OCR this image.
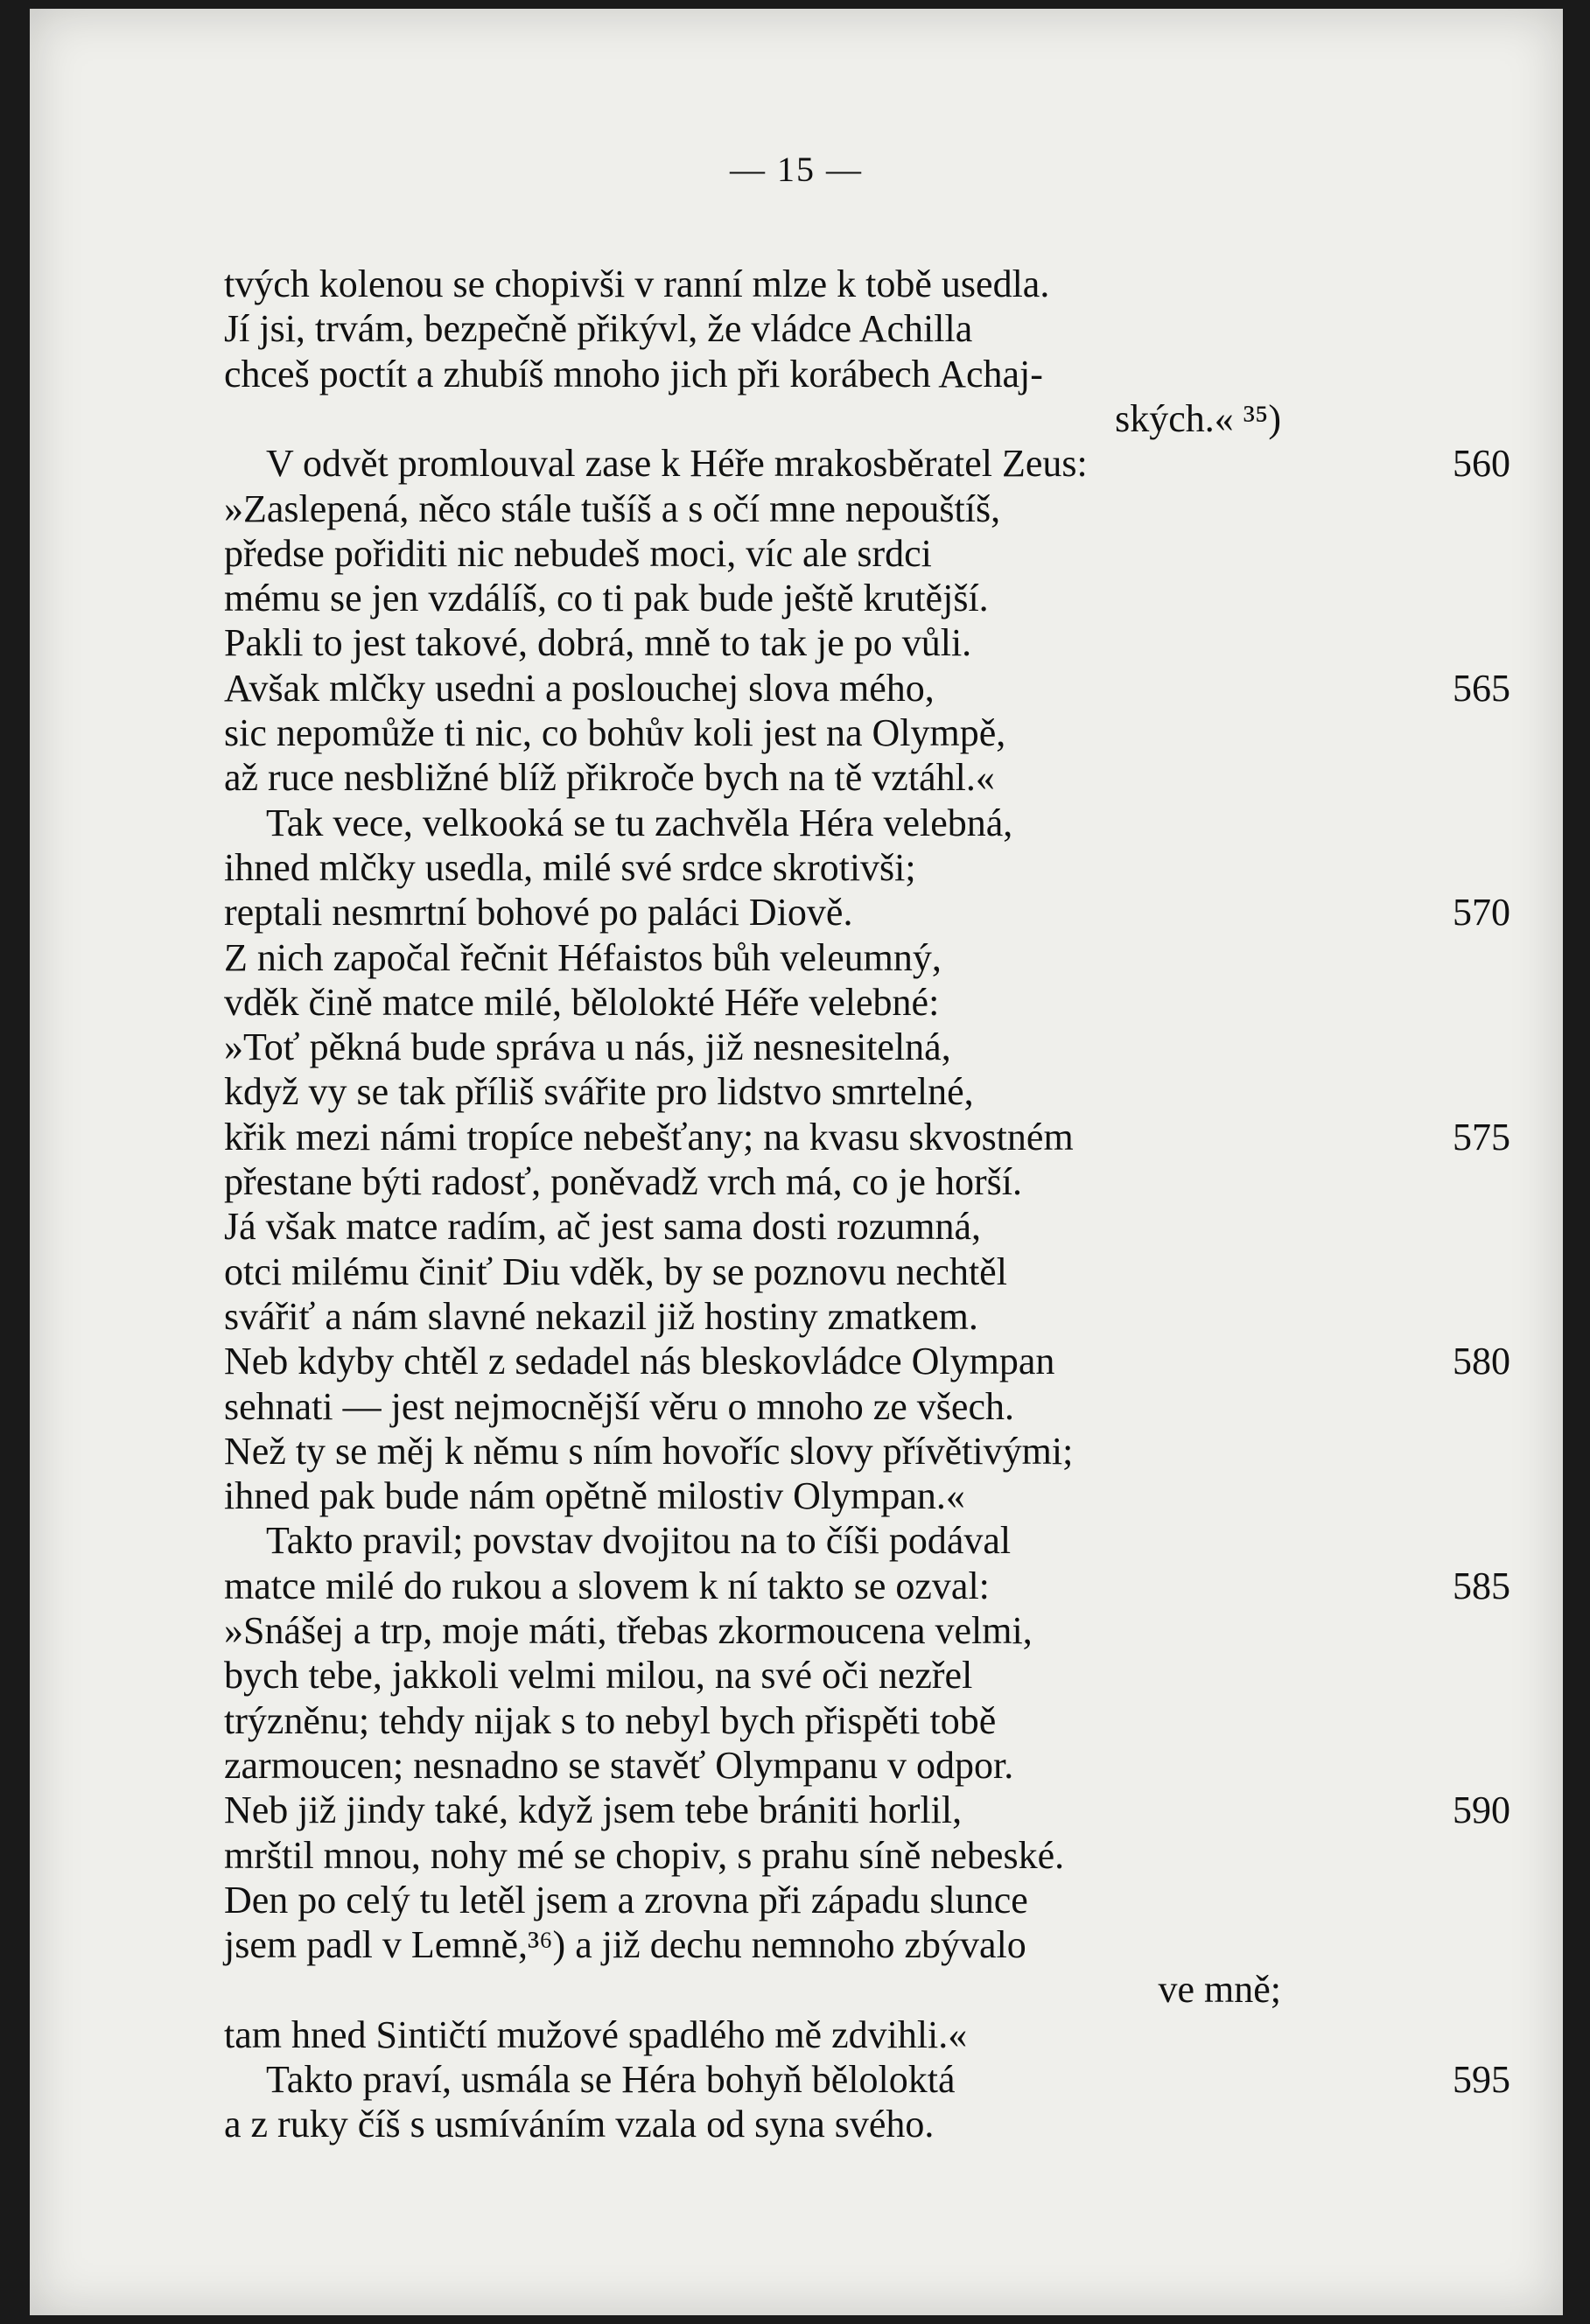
— 15 —
tvých kolenou se chopivši v ranní mlze k tobě usedla.
Jí jsi, trvám, bezpečně přikývl, že vládce Achilla
chceš poctít a zhubíš mnoho jich při korábech Achaj-
ských.« ³⁵)
V odvět promlouval zase k Héře mrakosběratel Zeus:	560
»Zaslepená, něco stále tušíš a s očí mne nepouštíš,
předse pořiditi nic nebudeš moci, víc ale srdci
mému se jen vzdálíš, co ti pak bude ještě krutější.
Pakli to jest takové, dobrá, mně to tak je po vůli.
Avšak mlčky usedni a poslouchej slova mého,	565
sic nepomůže ti nic, co bohův koli jest na Olympě,
až ruce nesbližné blíž přikroče bych na tě vztáhl.«
Tak vece, velkooká se tu zachvěla Héra velebná,
ihned mlčky usedla, milé své srdce skrotivši;
reptali nesmrtní bohové po paláci Diově.	570
Z nich započal řečnit Héfaistos bůh veleumný,
vděk čině matce milé, bělolokté Héře velebné:
»Toť pěkná bude správa u nás, již nesnesitelná,
když vy se tak příliš svářite pro lidstvo smrtelné,
křik mezi námi tropíce nebešťany; na kvasu skvostném	575
přestane býti radosť, poněvadž vrch má, co je horší.
Já však matce radím, ač jest sama dosti rozumná,
otci milému činiť Diu vděk, by se poznovu nechtěl
svářiť a nám slavné nekazil již hostiny zmatkem.
Neb kdyby chtěl z sedadel nás bleskovládce Olympan	580
sehnati — jest nejmocnější věru o mnoho ze všech.
Než ty se měj k němu s ním hovoříc slovy přívětivými;
ihned pak bude nám opětně milostiv Olympan.«
Takto pravil; povstav dvojitou na to číši podával
matce milé do rukou a slovem k ní takto se ozval:	585
»Snášej a trp, moje máti, třebas zkormoucena velmi,
bych tebe, jakkoli velmi milou, na své oči nezřel
trýzněnu; tehdy nijak s to nebyl bych přispěti tobě
zarmoucen; nesnadno se stavěť Olympanu v odpor.
Neb již jindy také, když jsem tebe brániti horlil,	590
mrštil mnou, nohy mé se chopiv, s prahu síně nebeské.
Den po celý tu letěl jsem a zrovna při západu slunce
jsem padl v Lemně,³⁶) a již dechu nemnoho zbývalo
ve mně;
tam hned Sintičtí mužové spadlého mě zdvihli.«
Takto praví, usmála se Héra bohyň běloloktá	595
a z ruky číš s usmíváním vzala od syna svého.
